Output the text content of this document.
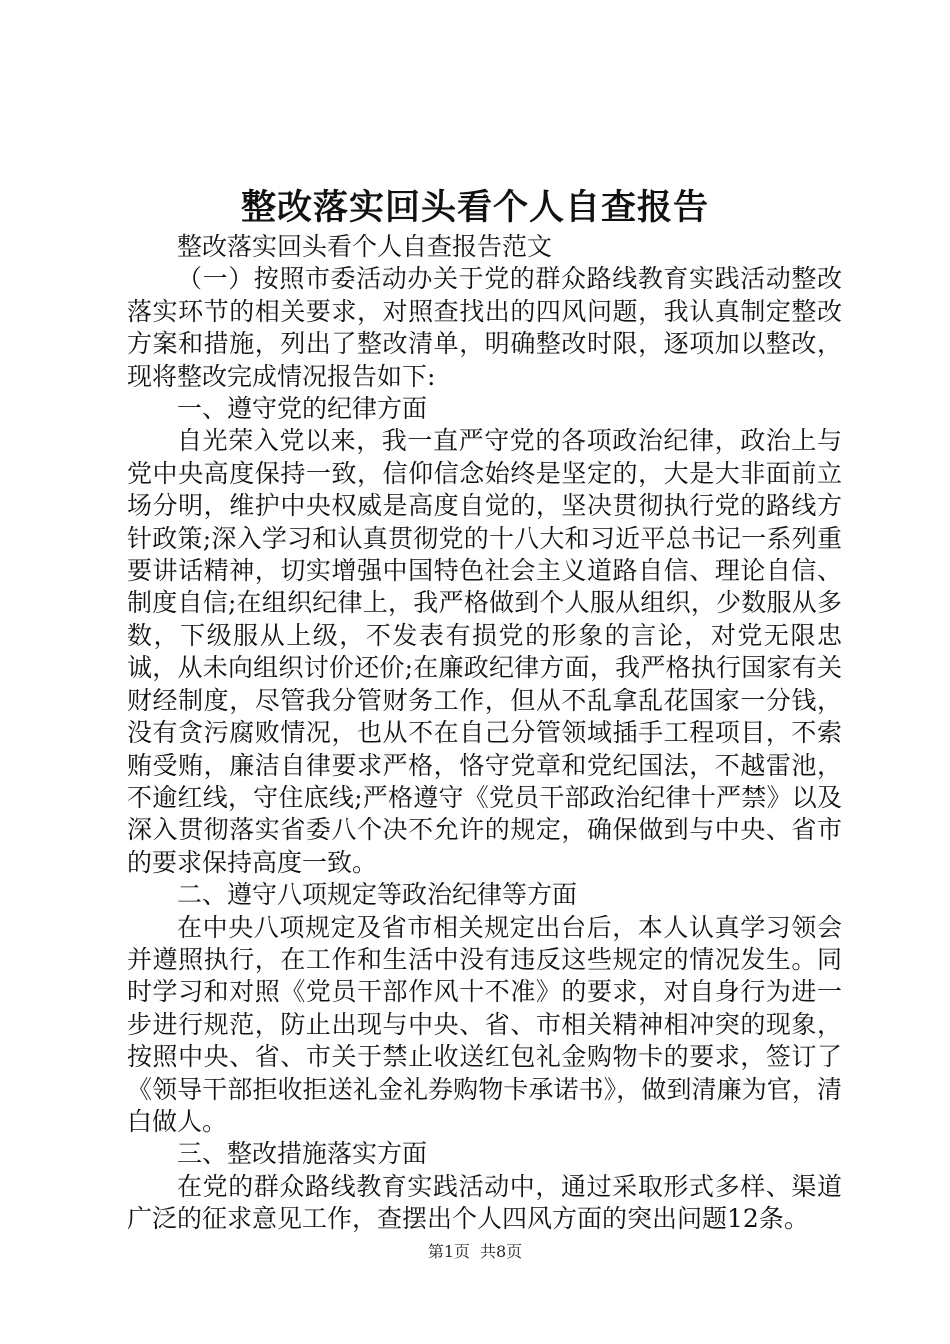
整改落实回头看个人自查报告

整改落实回头看个人自查报告范文

（一）按照市委活动办关于党的群众路线教育实践活动整改落实环节的相关要求，对照查找出的四风问题，我认真制定整改方案和措施，列出了整改清单，明确整改时限，逐项加以整改，现将整改完成情况报告如下:

一、遵守党的纪律方面

自光荣入党以来，我一直严守党的各项政治纪律，政治上与党中央高度保持一致，信仰信念始终是坚定的，大是大非面前立场分明，维护中央权威是高度自觉的，坚决贯彻执行党的路线方针政策;深入学习和认真贯彻党的十八大和习近平总书记一系列重要讲话精神，切实增强中国特色社会主义道路自信、理论自信、制度自信;在组织纪律上，我严格做到个人服从组织，少数服从多数，下级服从上级，不发表有损党的形象的言论，对党无限忠诚，从未向组织讨价还价;在廉政纪律方面，我严格执行国家有关财经制度，尽管我分管财务工作，但从不乱拿乱花国家一分钱，没有贪污腐败情况，也从不在自己分管领域插手工程项目，不索贿受贿，廉洁自律要求严格，恪守党章和党纪国法，不越雷池，不逾红线，守住底线;严格遵守《党员干部政治纪律十严禁》以及深入贯彻落实省委八个决不允许的规定，确保做到与中央、省市的要求保持高度一致。

二、遵守八项规定等政治纪律等方面

在中央八项规定及省市相关规定出台后，本人认真学习领会并遵照执行，在工作和生活中没有违反这些规定的情况发生。同时学习和对照《党员干部作风十不准》的要求，对自身行为进一步进行规范，防止出现与中央、省、市相关精神相冲突的现象，按照中央、省、市关于禁止收送红包礼金购物卡的要求，签订了《领导干部拒收拒送礼金礼券购物卡承诺书》，做到清廉为官，清白做人。

三、整改措施落实方面

在党的群众路线教育实践活动中，通过采取形式多样、渠道广泛的征求意见工作，查摆出个人四风方面的突出问题12条。

第1页 共8页
